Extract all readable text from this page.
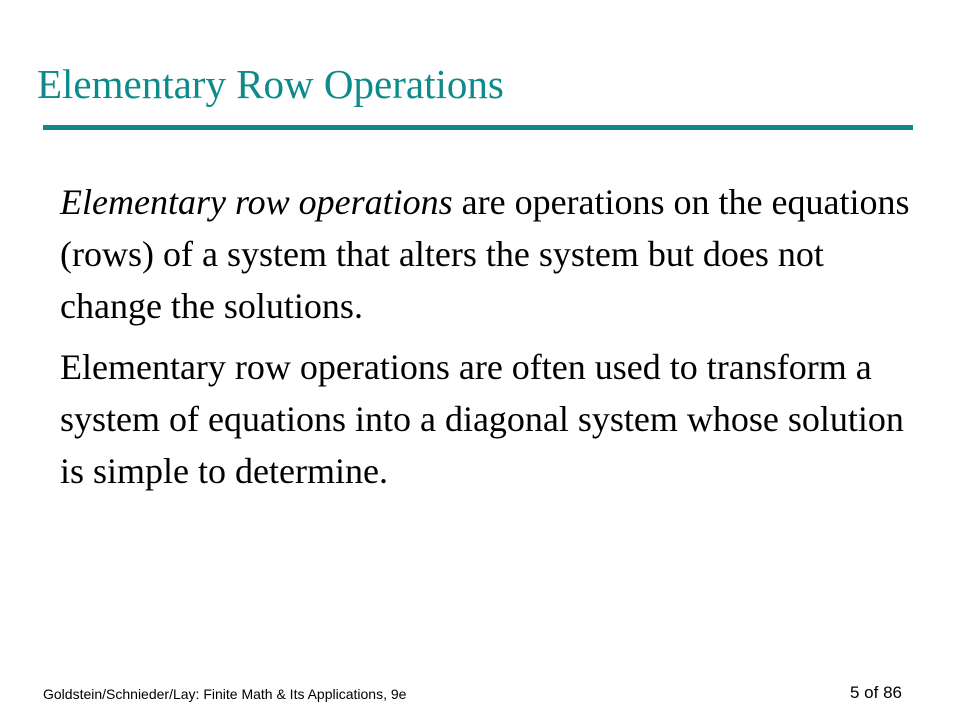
Elementary Row Operations

Elementary row operations are operations on the equations (rows) of a system that alters the system but does not change the solutions.

Elementary row operations are often used to transform a system of equations into a diagonal system whose solution is simple to determine.

Goldstein/Schnieder/Lay: Finite Math & Its Applications, 9e	5 of 86
